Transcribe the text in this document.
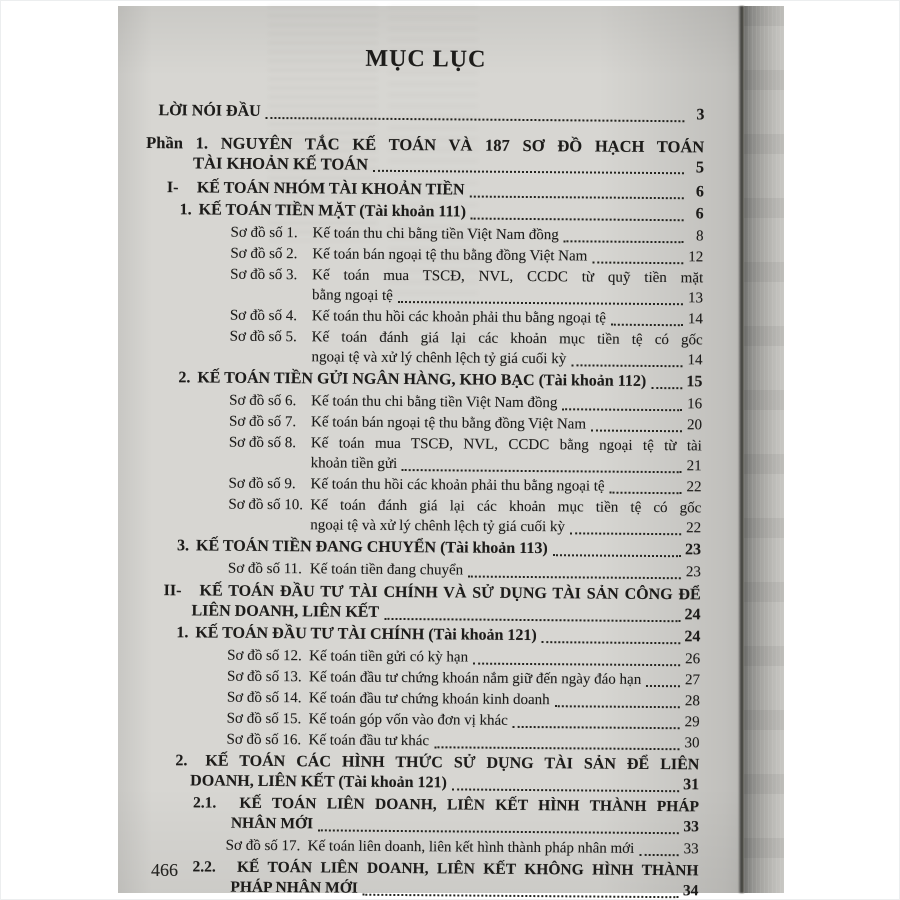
MỤC LỤC
LỜI NÓI ĐẦU	3
Phần 1. NGUYÊN TẮC KẾ TOÁN VÀ 187 SƠ ĐỒ HẠCH TOÁN
TÀI KHOẢN KẾ TOÁN	5
I-	KẾ TOÁN NHÓM TÀI KHOẢN TIỀN	6
1. KẾ TOÁN TIỀN MẶT (Tài khoản 111)	6
Sơ đồ số 1. Kế toán thu chi bằng tiền Việt Nam đồng	8
Sơ đồ số 2. Kế toán bán ngoại tệ thu bằng đồng Việt Nam	12
Sơ đồ số 3. Kế toán mua TSCĐ, NVL, CCDC từ quỹ tiền mặt
bằng ngoại tệ	13
Sơ đồ số 4. Kế toán thu hồi các khoản phải thu bằng ngoại tệ	14
Sơ đồ số 5. Kế toán đánh giá lại các khoản mục tiền tệ có gốc
ngoại tệ và xử lý chênh lệch tỷ giá cuối kỳ	14
2. KẾ TOÁN TIỀN GỬI NGÂN HÀNG, KHO BẠC (Tài khoản 112)	15
Sơ đồ số 6. Kế toán thu chi bằng tiền Việt Nam đồng	16
Sơ đồ số 7. Kế toán bán ngoại tệ thu bằng đồng Việt Nam	20
Sơ đồ số 8. Kế toán mua TSCĐ, NVL, CCDC bằng ngoại tệ từ tài
khoản tiền gửi	21
Sơ đồ số 9. Kế toán thu hồi các khoản phải thu bằng ngoại tệ	22
Sơ đồ số 10. Kế toán đánh giá lại các khoản mục tiền tệ có gốc
ngoại tệ và xử lý chênh lệch tỷ giá cuối kỳ	22
3. KẾ TOÁN TIỀN ĐANG CHUYỂN (Tài khoản 113)	23
Sơ đồ số 11. Kế toán tiền đang chuyển	23
II- KẾ TOÁN ĐẦU TƯ TÀI CHÍNH VÀ SỬ DỤNG TÀI SẢN CÔNG ĐỂ
LIÊN DOANH, LIÊN KẾT	24
1. KẾ TOÁN ĐẦU TƯ TÀI CHÍNH (Tài khoản 121)	24
Sơ đồ số 12. Kế toán tiền gửi có kỳ hạn	26
Sơ đồ số 13. Kế toán đầu tư chứng khoán nắm giữ đến ngày đáo hạn	27
Sơ đồ số 14. Kế toán đầu tư chứng khoán kinh doanh	28
Sơ đồ số 15. Kế toán góp vốn vào đơn vị khác	29
Sơ đồ số 16. Kế toán đầu tư khác	30
2. KẾ TOÁN CÁC HÌNH THỨC SỬ DỤNG TÀI SẢN ĐỂ LIÊN
DOANH, LIÊN KẾT (Tài khoản 121)	31
2.1. KẾ TOÁN LIÊN DOANH, LIÊN KẾT HÌNH THÀNH PHÁP
NHÂN MỚI	33
Sơ đồ số 17. Kế toán liên doanh, liên kết hình thành pháp nhân mới	33
2.2. KẾ TOÁN LIÊN DOANH, LIÊN KẾT KHÔNG HÌNH THÀNH
PHÁP NHÂN MỚI	34
466
